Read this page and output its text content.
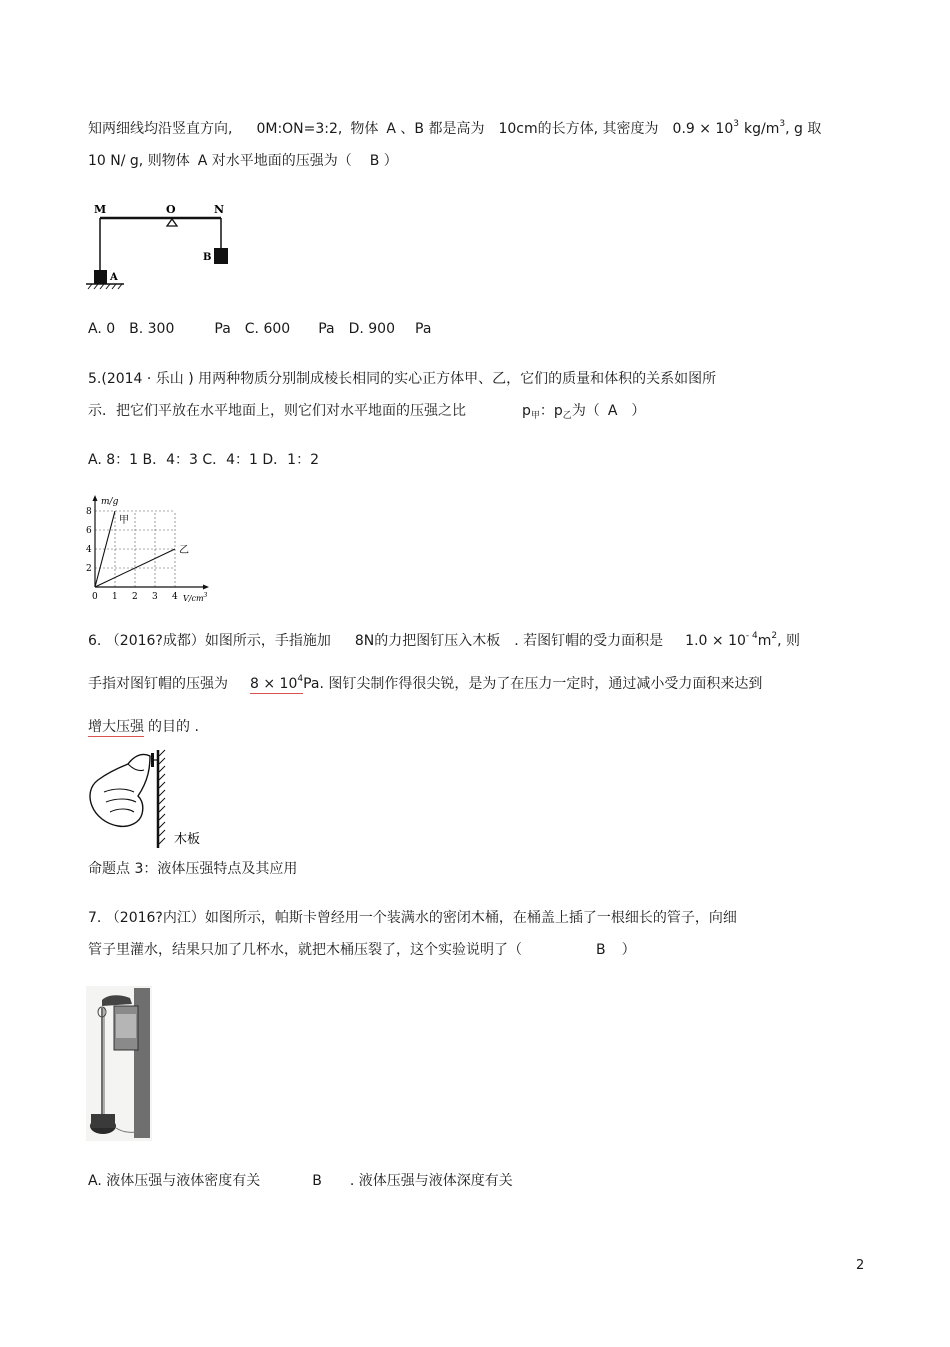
知两细线均沿竖直方向, 0M:ON=3:2, 物体 A 、B 都是高为 10cm的长方体, 其密度为 $0.9 \times 10^3$ $kg/m^3$, g 取
10 N/ g, 则物体 A 对水平地面的压强为（ B ）
M	O	N
A
B
A. 0 B. 300	Pa C. 600 Pa D. 900 Pa
5.(2014 · 乐山 ) 用两种物质分别制成棱长相同的实心正方体甲、乙，它们的质量和体积的关系如图所
示．把它们平放在水平地面上，则它们对水平地面的压强之比	$p_甲$：$p_乙$为（ A ）
A. 8：1 B．4：3 C．4：1 D．1：2
甲
乙
0 1 2 3 4
2
4
6
8
m/g
$V/cm^3$
6. （2016?成都）如图所示，手指施加 8N的力把图钉压入木板 . 若图钉帽的受力面积是 $1.0 \times 10^{- 4}m^2$, 则
手指对图钉帽的压强为 $8 \times 10^4Pa$. 图钉尖制作得很尖锐，是为了在压力一定时，通过减小受力面积来达到
增大压强 的目的 .
木板
命题点 3：液体压强特点及其应用
7. （2016?内江）如图所示，帕斯卡曾经用一个装满水的密闭木桶，在桶盖上插了一根细长的管子，向细
管子里灌水，结果只加了几杯水，就把木桶压裂了，这个实验说明了（	B ）
A. 液体压强与液体密度有关	B . 液体压强与液体深度有关
2
